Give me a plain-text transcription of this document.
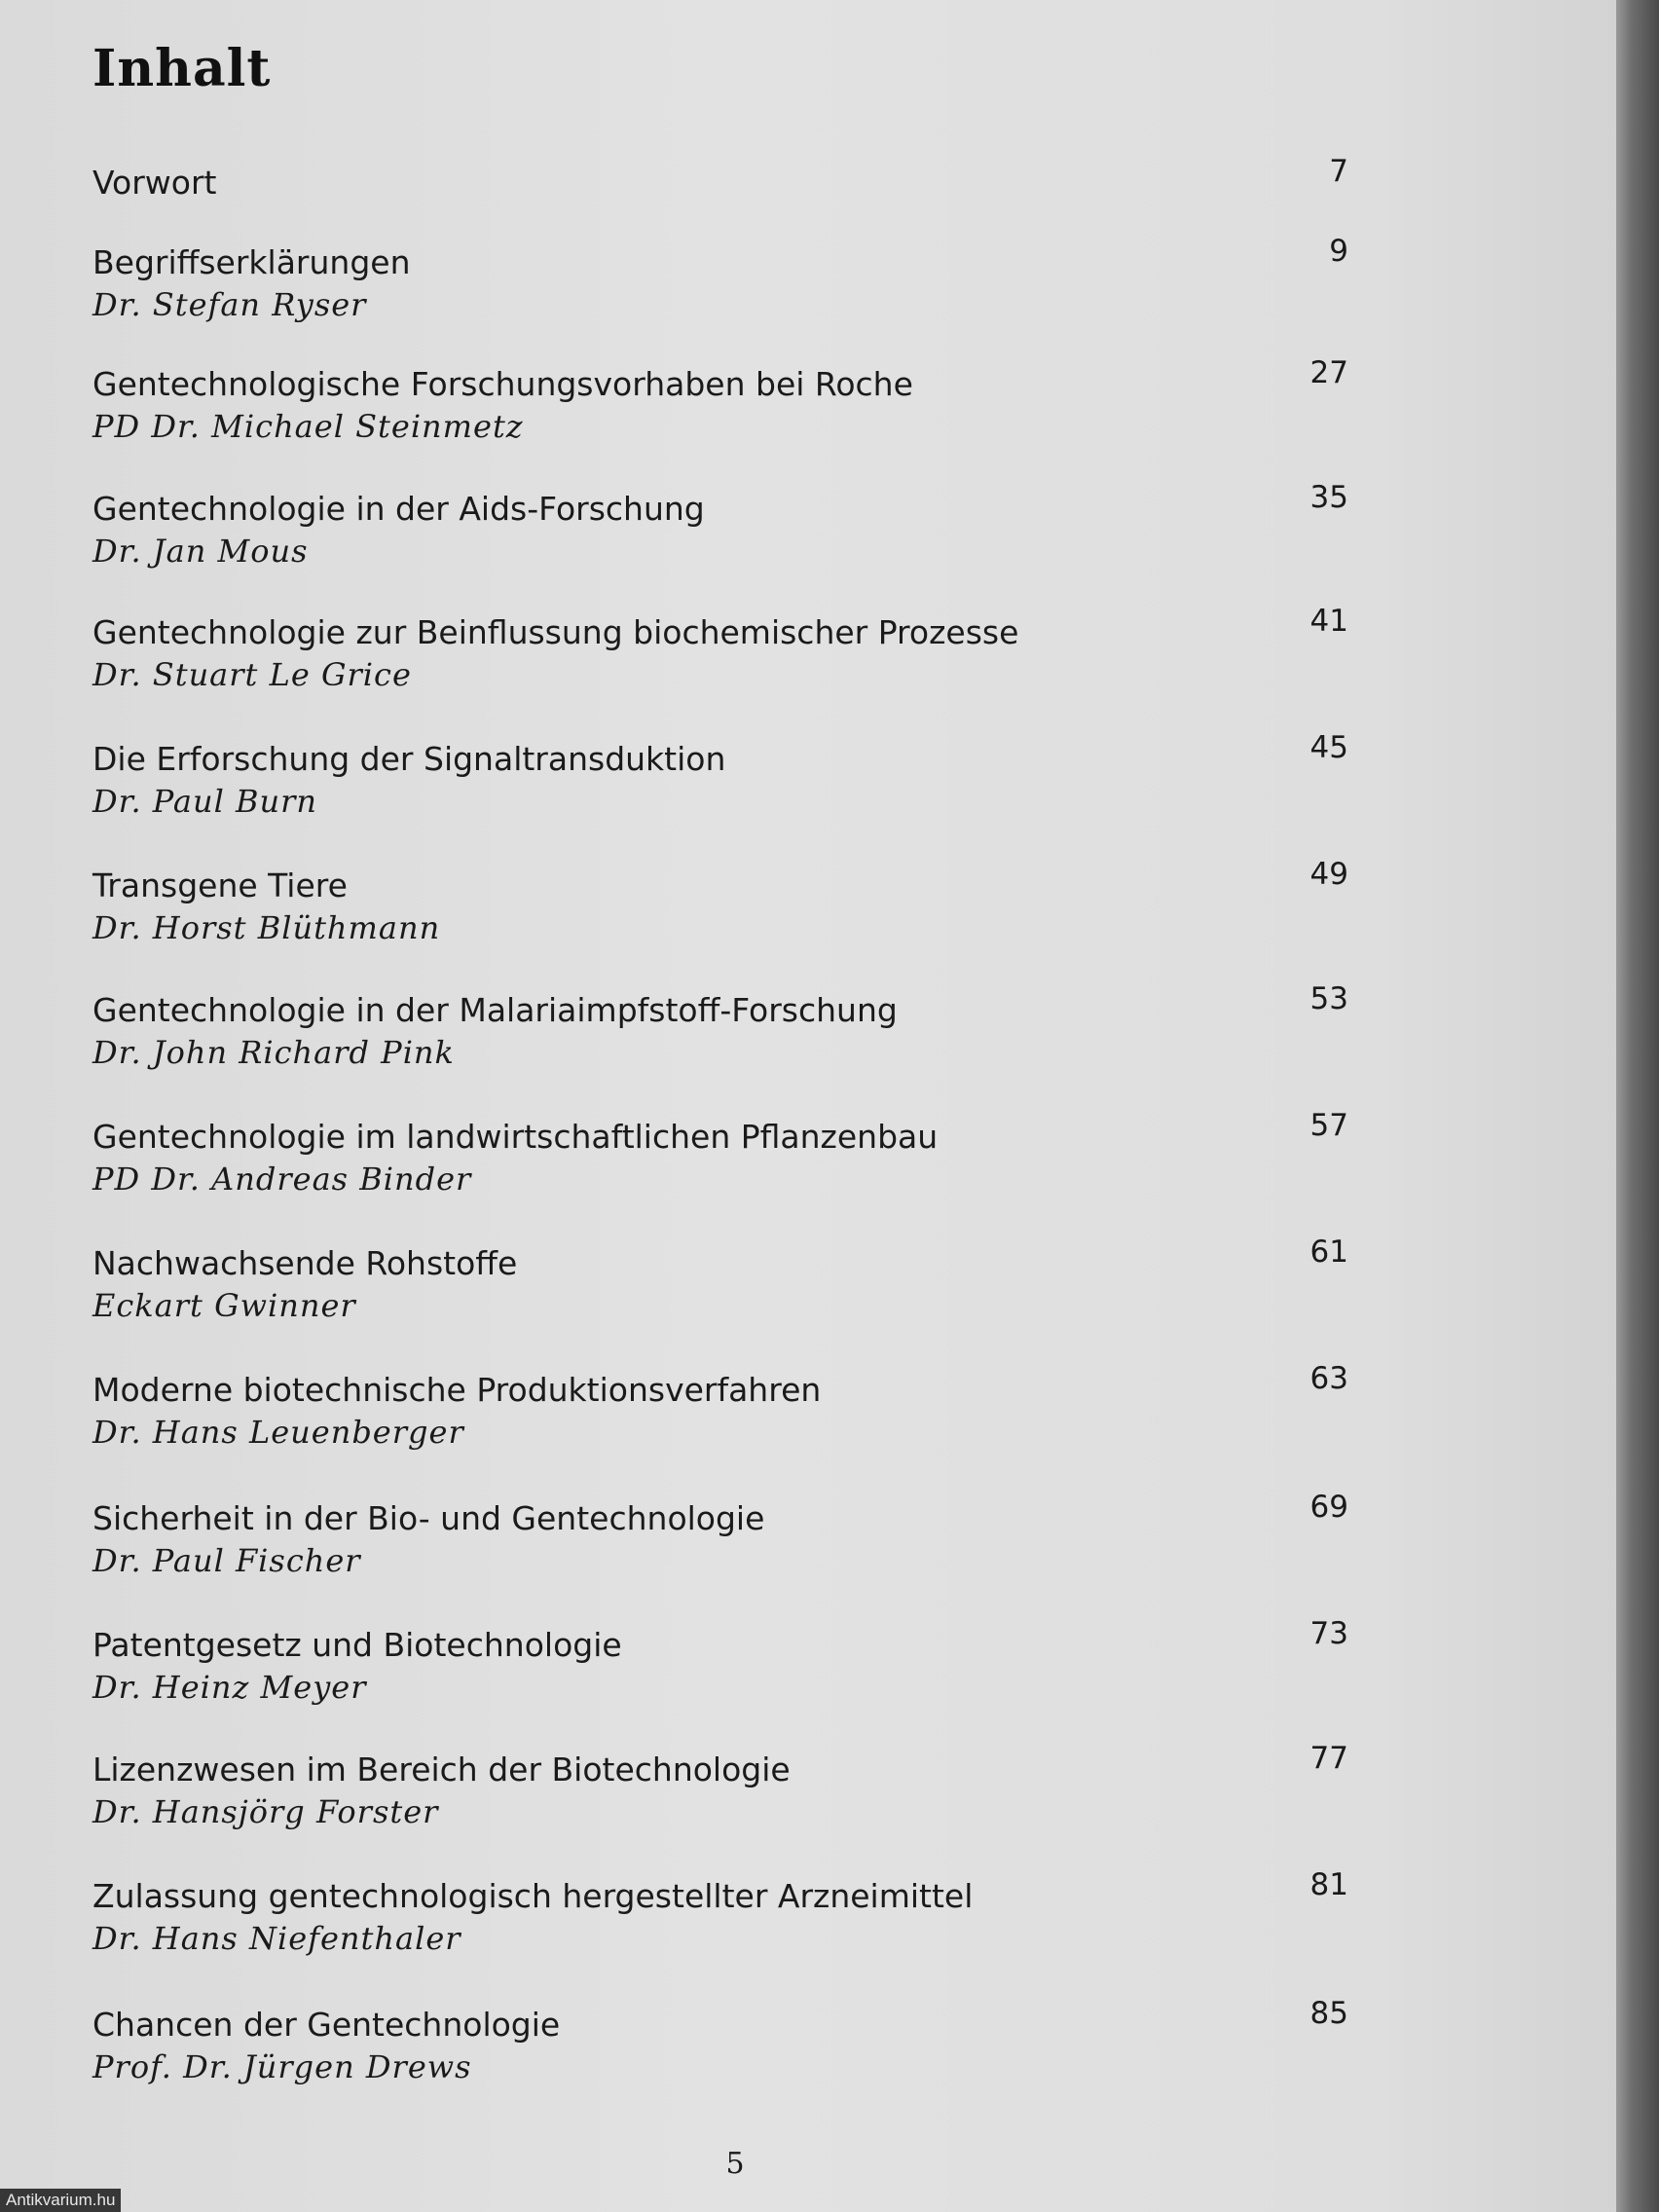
Inhalt
Vorwort	7
Begriffserklärungen
Dr. Stefan Ryser
9
Gentechnologische Forschungsvorhaben bei Roche
PD Dr. Michael Steinmetz
27
Gentechnologie in der Aids-Forschung
Dr. Jan Mous
35
Gentechnologie zur Beinflussung biochemischer Prozesse
Dr. Stuart Le Grice
41
Die Erforschung der Signaltransduktion
Dr. Paul Burn
45
Transgene Tiere
Dr. Horst Blüthmann
49
Gentechnologie in der Malariaimpfstoff-Forschung
Dr. John Richard Pink
53
Gentechnologie im landwirtschaftlichen Pflanzenbau
PD Dr. Andreas Binder
57
Nachwachsende Rohstoffe
Eckart Gwinner
61
Moderne biotechnische Produktionsverfahren
Dr. Hans Leuenberger
63
Sicherheit in der Bio- und Gentechnologie
Dr. Paul Fischer
69
Patentgesetz und Biotechnologie
Dr. Heinz Meyer
73
Lizenzwesen im Bereich der Biotechnologie
Dr. Hansjörg Forster
77
Zulassung gentechnologisch hergestellter Arzneimittel
Dr. Hans Niefenthaler
81
Chancen der Gentechnologie
Prof. Dr. Jürgen Drews
85
5
Antikvarium.hu
